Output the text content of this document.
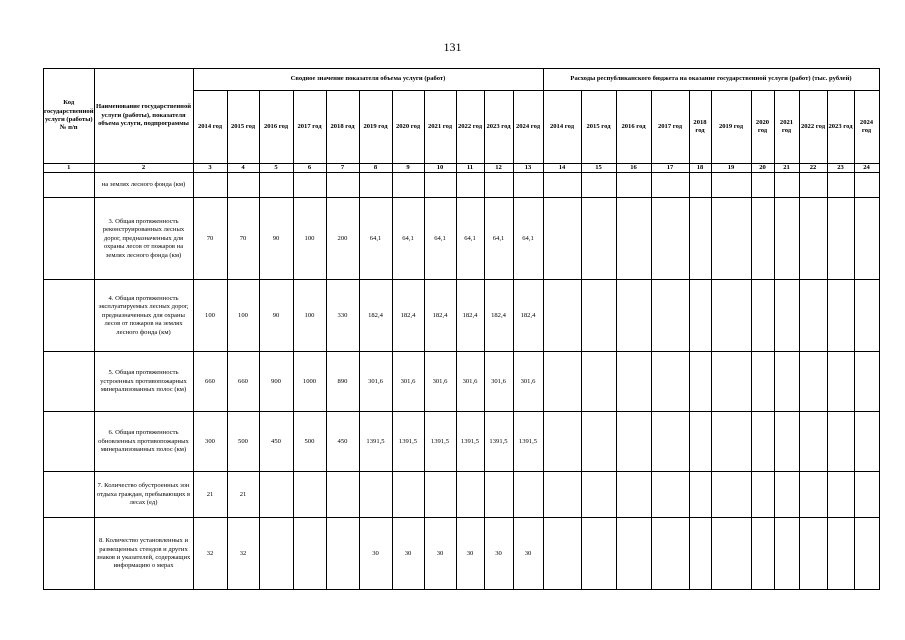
131
Код государственной услуги (работы) № п/п	Наименование государственной услуги (работы), показателя объема услуги, подпрограммы	Сводное значение показателя объема услуги (работ)											Расходы республиканского бюджета на оказание государственной услуги (работ) (тыс. рублей)										
		2014 год	2015 год	2016 год	2017 год	2018 год	2019 год	2020 год	2021 год	2022 год	2023 год	2024 год	2014 год	2015 год	2016 год	2017 год	2018 год	2019 год	2020 год	2021 год	2022 год	2023 год	2024 год
1	2	3	4	5	6	7	8	9	10	11	12	13	14	15	16	17	18	19	20	21	22	23	24
	на землях лесного фонда (км)																						
	3. Общая протяженность реконструированных лесных дорог, предназначенных для охраны лесов от пожаров на землях лесного фонда (км)	70	70	90	100	200	64,1	64,1	64,1	64,1	64,1	64,1											
	4. Общая протяженность эксплуатируемых лесных дорог, предназначенных для охраны лесов от пожаров на землях лесного фонда (км)	100	100	90	100	330	182,4	182,4	182,4	182,4	182,4	182,4											
	5. Общая протяженность устроенных противопожарных минерализованных полос (км)	660	660	900	1000	890	301,6	301,6	301,6	301,6	301,6	301,6											
	6. Общая протяженность обновленных противопожарных минерализованных полос (км)	300	500	450	500	450	1391,5	1391,5	1391,5	1391,5	1391,5	1391,5											
	7. Количество обустроенных зон отдыха граждан, пребывающих в лесах (ед)	21	21																				
	8. Количество установленных и размещенных стендов и других знаков и указателей, содержащих информацию о мерах	32	32				30	30	30	30	30	30											
